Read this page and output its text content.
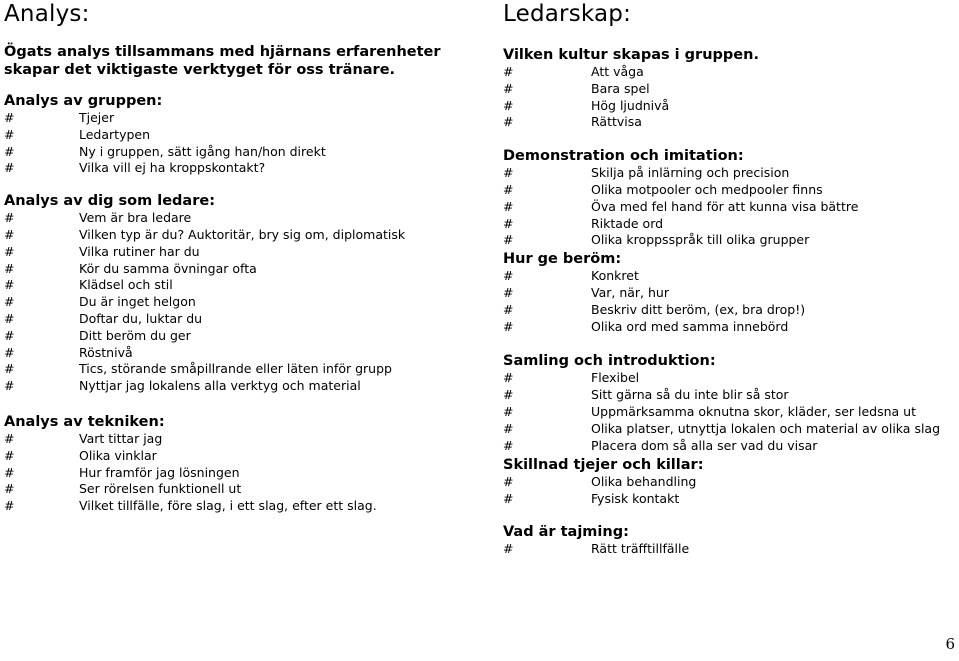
Analys:
Ögats analys tillsammans med hjärnans erfarenheter skapar det viktigaste verktyget för oss tränare.
Analys av gruppen:
#	Tjejer
#	Ledartypen
#	Ny i gruppen, sätt igång han/hon direkt
#	Vilka vill ej ha kroppskontakt?
Analys av dig som ledare:
#	Vem är bra ledare
#	Vilken typ är du? Auktoritär, bry sig om, diplomatisk
#	Vilka rutiner har du
#	Kör du samma övningar ofta
#	Klädsel och stil
#	Du är inget helgon
#	Doftar du, luktar du
#	Ditt beröm du ger
#	Röstnivå
#	Tics, störande småpillrande eller läten inför grupp
#	Nyttjar jag lokalens alla verktyg och material
Analys av tekniken:
#	Vart tittar jag
#	Olika vinklar
#	Hur framför jag lösningen
#	Ser rörelsen funktionell ut
#	Vilket tillfälle, före slag, i ett slag, efter ett slag.
Ledarskap:
Vilken kultur skapas i gruppen.
#	Att våga
#	Bara spel
#	Hög ljudnivå
#	Rättvisa
Demonstration och imitation:
#	Skilja på inlärning och precision
#	Olika motpooler och medpooler finns
#	Öva med fel hand för att kunna visa bättre
#	Riktade ord
#	Olika kroppsspråk till olika grupper
Hur ge beröm:
#	Konkret
#	Var, när, hur
#	Beskriv ditt beröm, (ex, bra drop!)
#	Olika ord med samma innebörd
Samling och introduktion:
#	Flexibel
#	Sitt gärna så du inte blir så stor
#	Uppmärksamma oknutna skor, kläder, ser ledsna ut
#	Olika platser, utnyttja lokalen och material av olika slag
#	Placera dom så alla ser vad du visar
Skillnad tjejer och killar:
#	Olika behandling
#	Fysisk kontakt
Vad är tajming:
#	Rätt träfftillfälle
6
